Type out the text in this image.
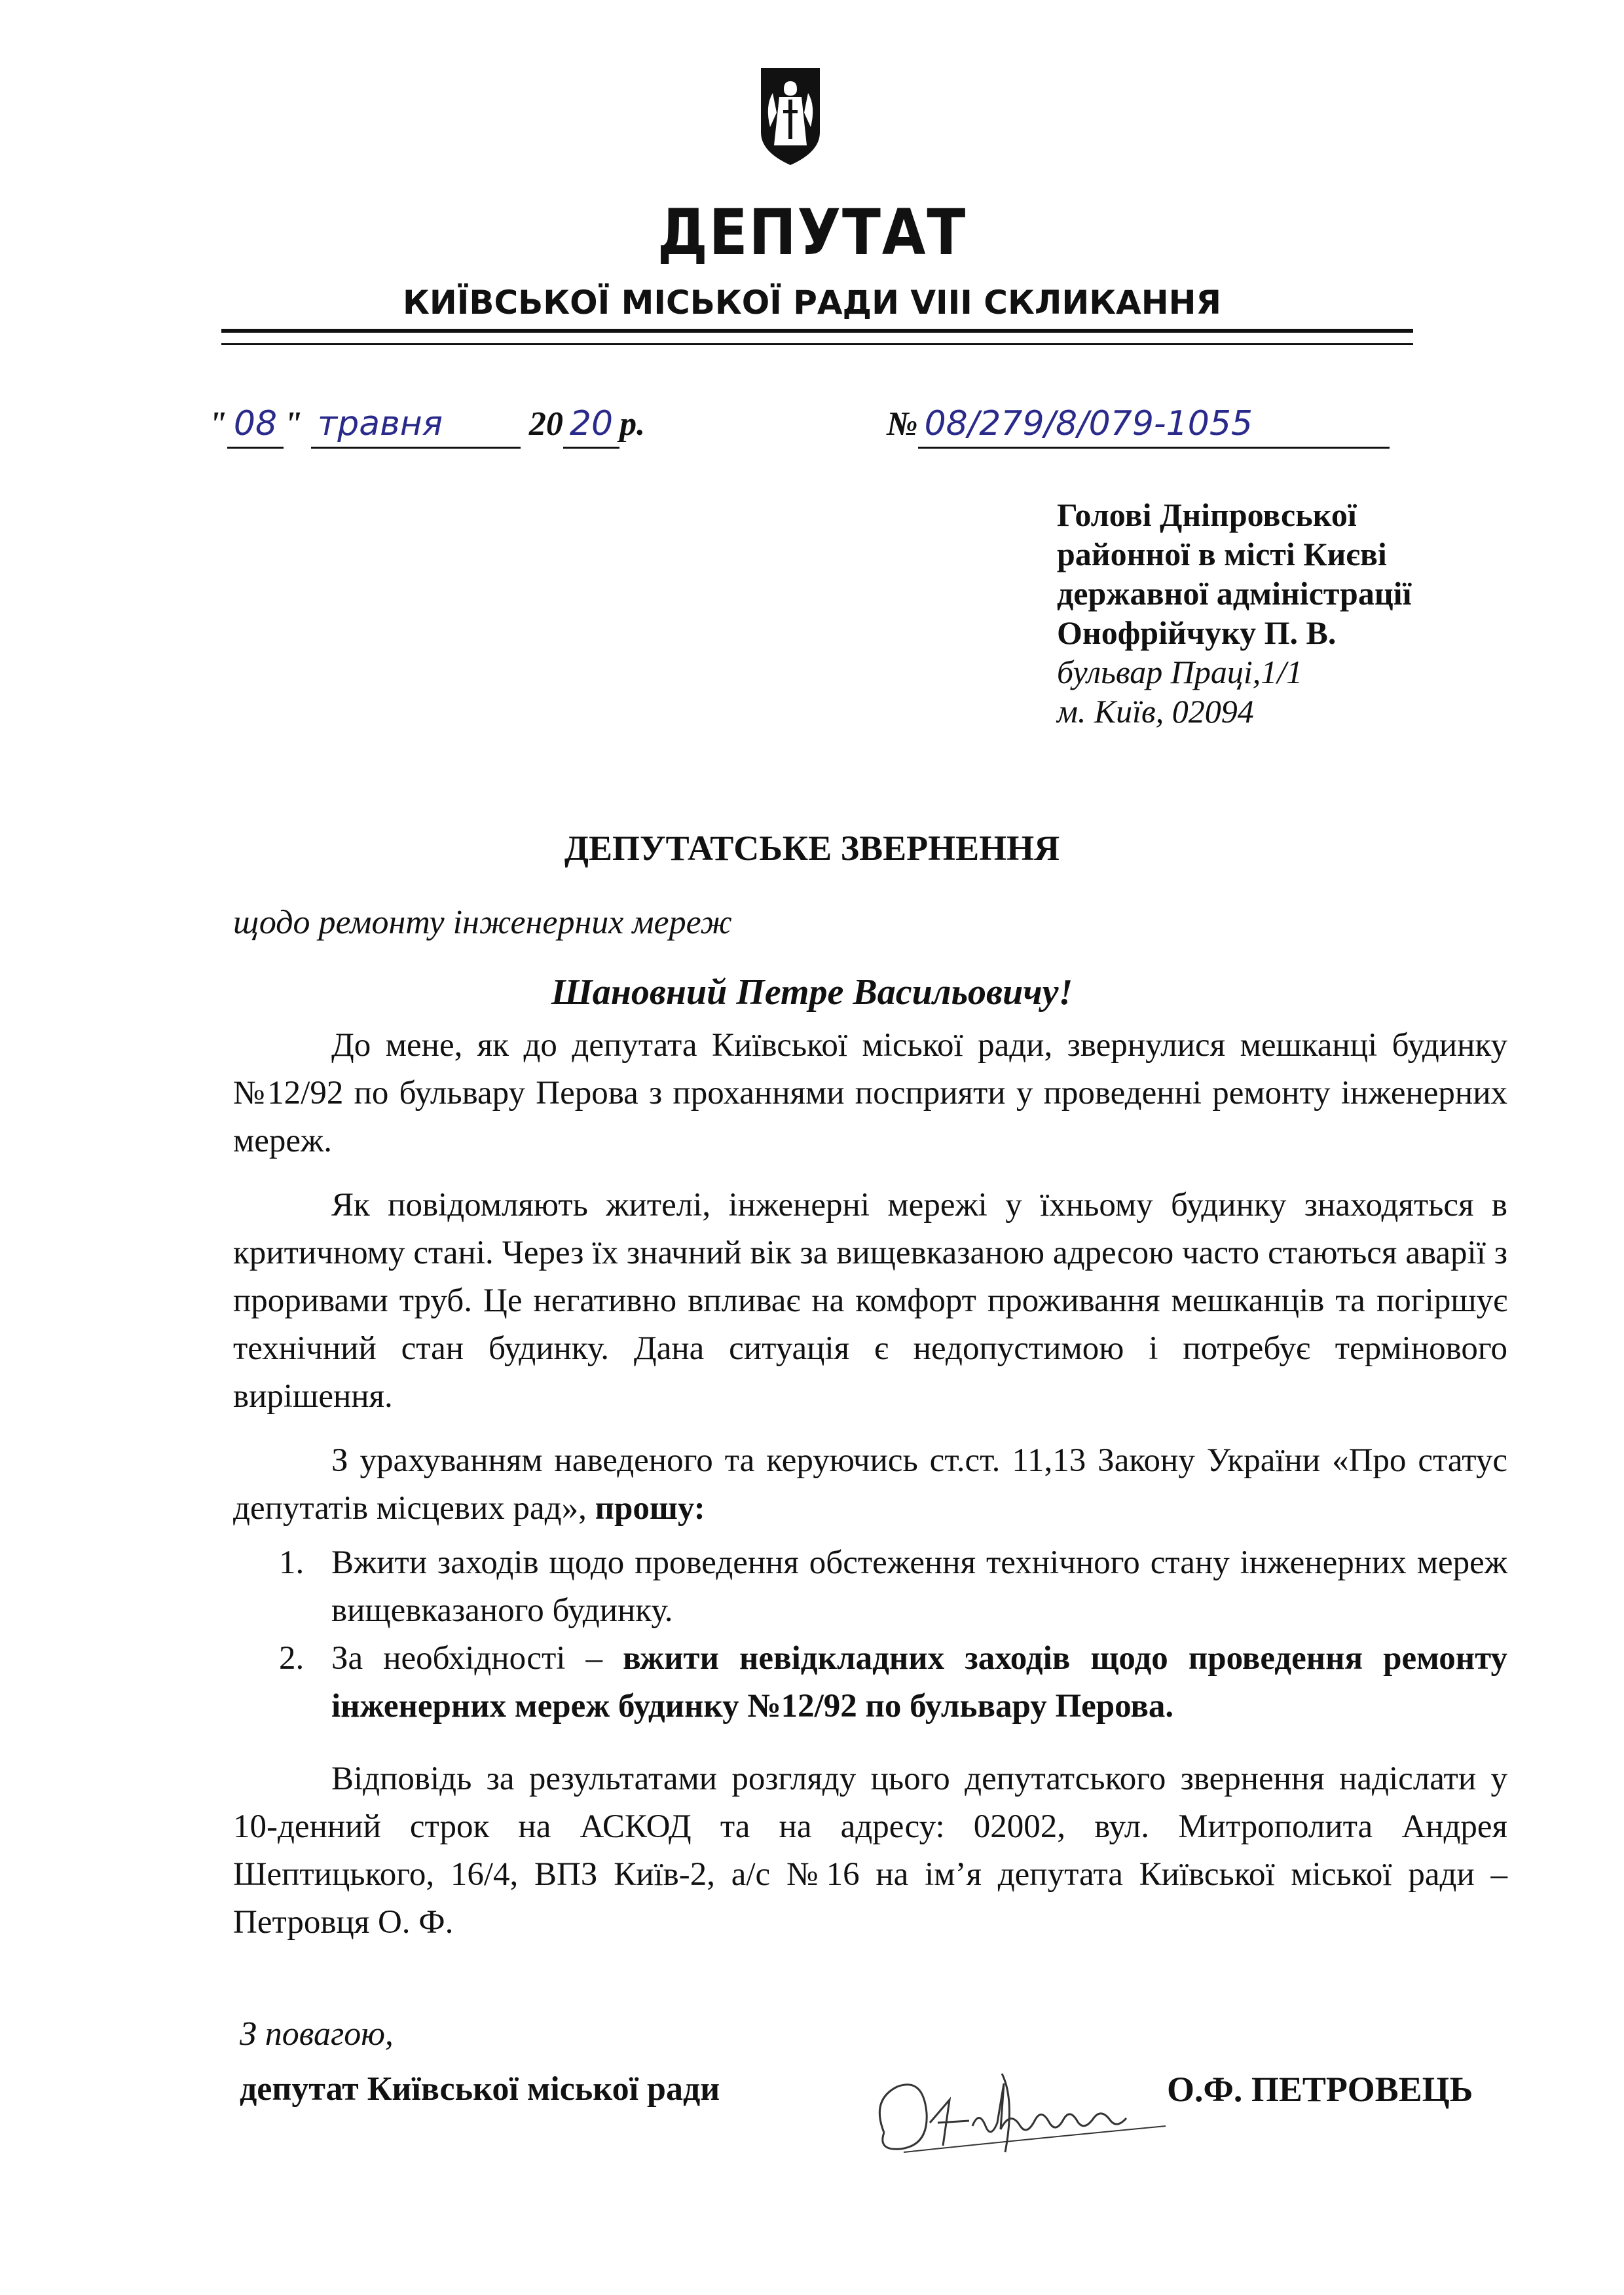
ДЕПУТАТ
КИЇВСЬКОЇ МІСЬКОЇ РАДИ VIII СКЛИКАННЯ
" 08 " травня	20 20 р.	№ 08/279/8/079-1055
Голові Дніпровської
районної в місті Києві
державної адміністрації
Онофрійчуку П. В.
бульвар Праці,1/1
м. Київ, 02094
ДЕПУТАТСЬКЕ ЗВЕРНЕННЯ
щодо ремонту інженерних мереж
Шановний Петре Васильовичу!

До мене, як до депутата Київської міської ради, звернулися мешканці будинку №12/92 по бульвару Перова з проханнями посприяти у проведенні ремонту інженерних мереж.

Як повідомляють жителі, інженерні мережі у їхньому будинку знаходяться в критичному стані. Через їх значний вік за вищевказаною адресою часто стаються аварії з проривами труб. Це негативно впливає на комфорт проживання мешканців та погіршує технічний стан будинку. Дана ситуація є недопустимою і потребує термінового вирішення.

З урахуванням наведеного та керуючись ст.ст. 11,13 Закону України «Про статус депутатів місцевих рад», прошу:

1. Вжити заходів щодо проведення обстеження технічного стану інженерних мереж вищевказаного будинку.
2. За необхідності – вжити невідкладних заходів щодо проведення ремонту інженерних мереж будинку №12/92 по бульвару Перова.

Відповідь за результатами розгляду цього депутатського звернення надіслати у 10-денний строк на АСКОД та на адресу: 02002, вул. Митрополита Андрея Шептицького, 16/4, ВПЗ Київ-2, а/с №16 на ім’я депутата Київської міської ради – Петровця О. Ф.

З повагою,
депутат Київської міської ради	О.Ф. ПЕТРОВЕЦЬ
